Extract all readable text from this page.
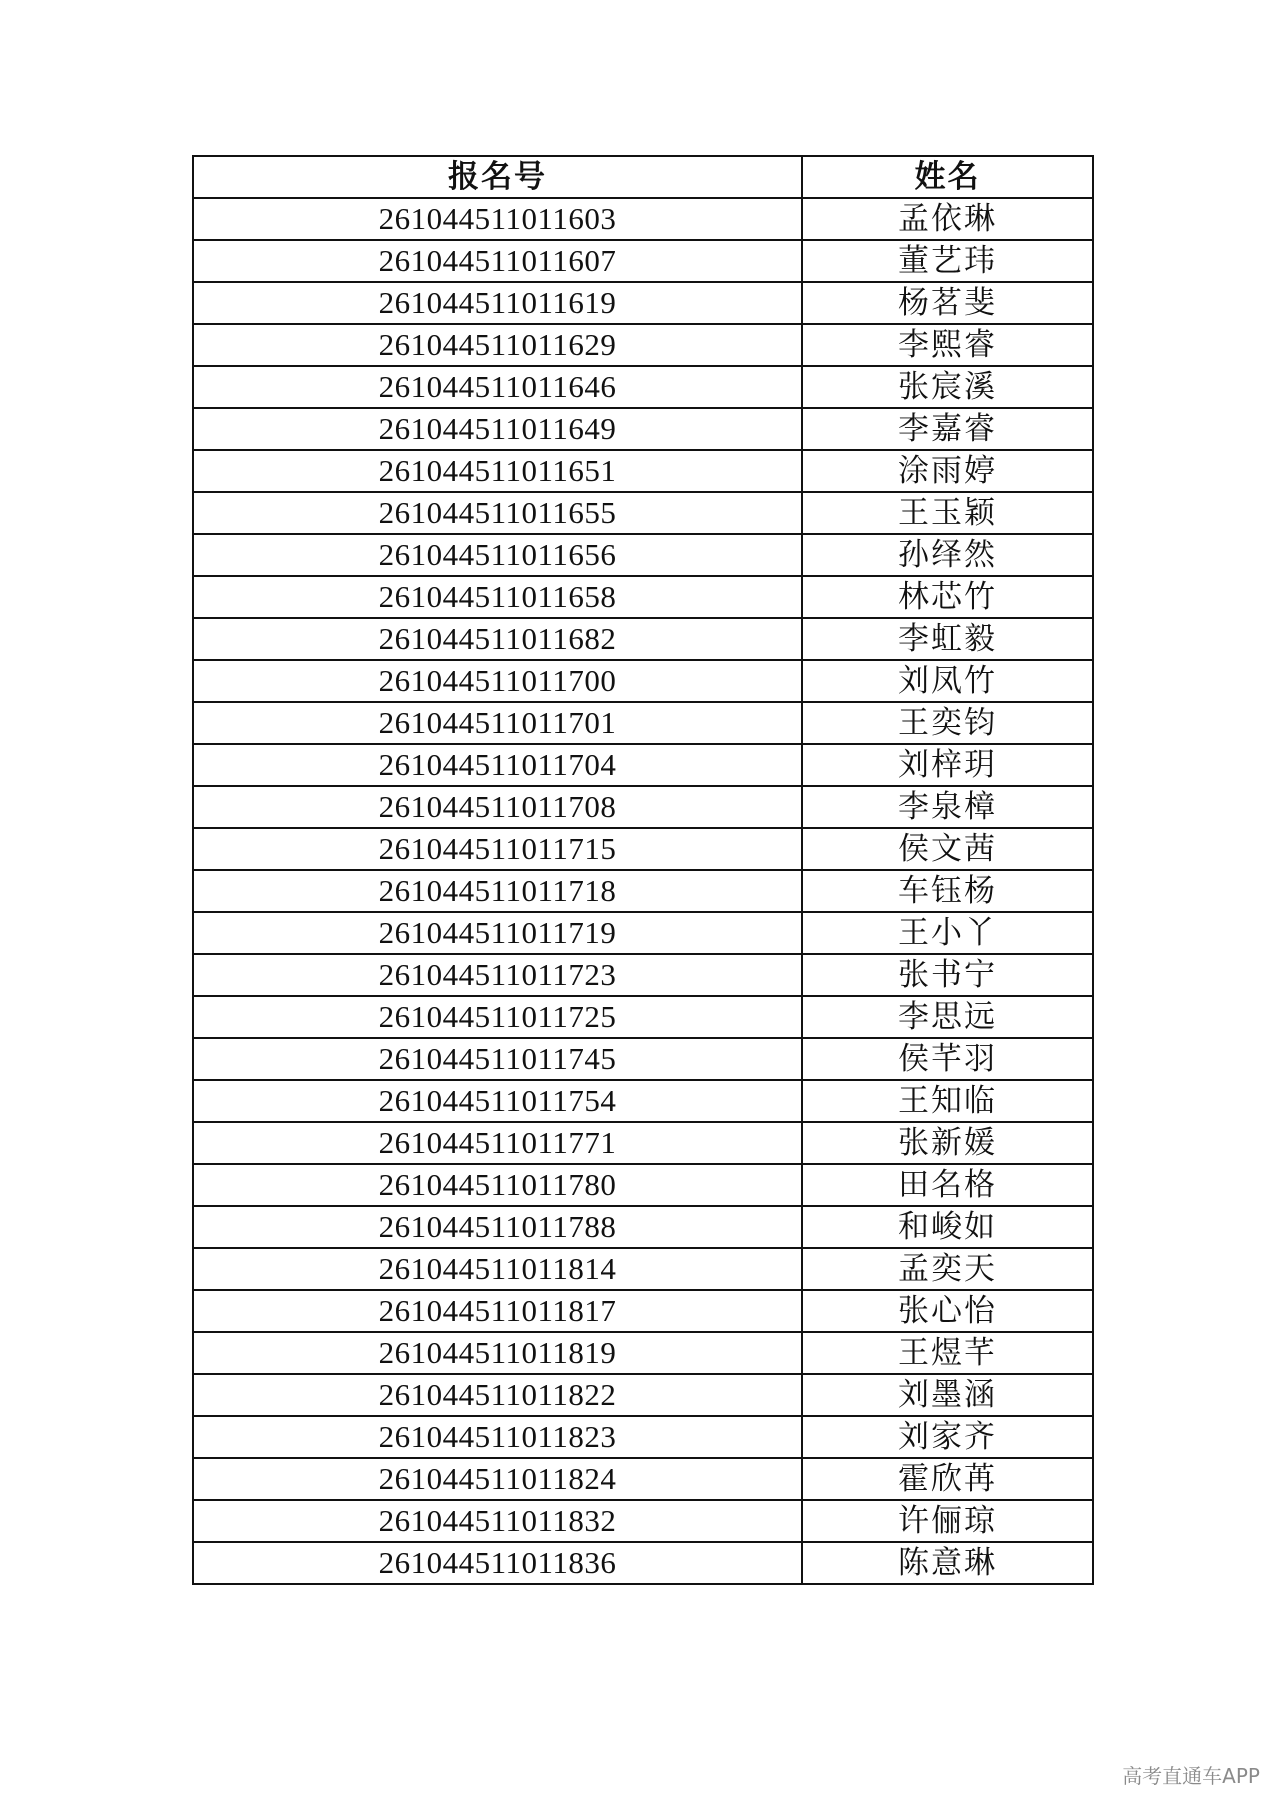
报名号	姓名
261044511011603	孟依琳
261044511011607	董艺玮
261044511011619	杨茗斐
261044511011629	李熙睿
261044511011646	张宸溪
261044511011649	李嘉睿
261044511011651	涂雨婷
261044511011655	王玉颖
261044511011656	孙绎然
261044511011658	林芯竹
261044511011682	李虹毅
261044511011700	刘凤竹
261044511011701	王奕钧
261044511011704	刘梓玥
261044511011708	李泉樟
261044511011715	侯文茜
261044511011718	车钰杨
261044511011719	王小丫
261044511011723	张书宁
261044511011725	李思远
261044511011745	侯芊羽
261044511011754	王知临
261044511011771	张新媛
261044511011780	田名格
261044511011788	和峻如
261044511011814	孟奕天
261044511011817	张心怡
261044511011819	王煜芊
261044511011822	刘墨涵
261044511011823	刘家齐
261044511011824	霍欣苒
261044511011832	许俪琼
261044511011836	陈意琳
高考直通车APP
